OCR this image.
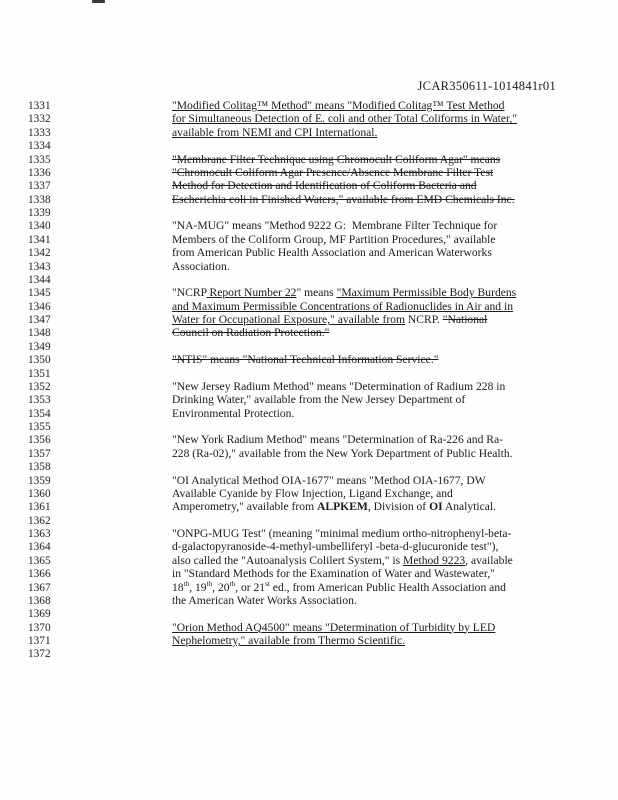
JCAR350611-1014841r01
1331	"Modified Colitag™ Method" means "Modified Colitag™ Test Method
1332	for Simultaneous Detection of E. coli and other Total Coliforms in Water,"
1333	available from NEMI and CPI International.
1334
1335	"Membrane Filter Technique using Chromocult Coliform Agar" means
1336	"Chromocult Coliform Agar Presence/Absence Membrane Filter Test
1337	Method for Detection and Identification of Coliform Bacteria and
1338	Escherichia coli in Finished Waters," available from EMD Chemicals Inc.
1339
1340	"NA-MUG" means "Method 9222 G:  Membrane Filter Technique for
1341	Members of the Coliform Group, MF Partition Procedures," available
1342	from American Public Health Association and American Waterworks
1343	Association.
1344
1345	"NCRP Report Number 22" means "Maximum Permissible Body Burdens
1346	and Maximum Permissible Concentrations of Radionuclides in Air and in
1347	Water for Occupational Exposure," available from NCRP. "National
1348	Council on Radiation Protection."
1349
1350	"NTIS" means "National Technical Information Service."
1351
1352	"New Jersey Radium Method" means "Determination of Radium 228 in
1353	Drinking Water," available from the New Jersey Department of
1354	Environmental Protection.
1355
1356	"New York Radium Method" means "Determination of Ra-226 and Ra-
1357	228 (Ra-02)," available from the New York Department of Public Health.
1358
1359	"OI Analytical Method OIA-1677" means "Method OIA-1677, DW
1360	Available Cyanide by Flow Injection, Ligand Exchange, and
1361	Amperometry," available from ALPKEM, Division of OI Analytical.
1362
1363	"ONPG-MUG Test" (meaning "minimal medium ortho-nitrophenyl-beta-
1364	d-galactopyranoside-4-methyl-umbelliferyl -beta-d-glucuronide test"),
1365	also called the "Autoanalysis Colilert System," is Method 9223, available
1366	in "Standard Methods for the Examination of Water and Wastewater,"
1367	18th, 19th, 20th, or 21st ed., from American Public Health Association and
1368	the American Water Works Association.
1369
1370	"Orion Method AQ4500" means "Determination of Turbidity by LED
1371	Nephelometry," available from Thermo Scientific.
1372
